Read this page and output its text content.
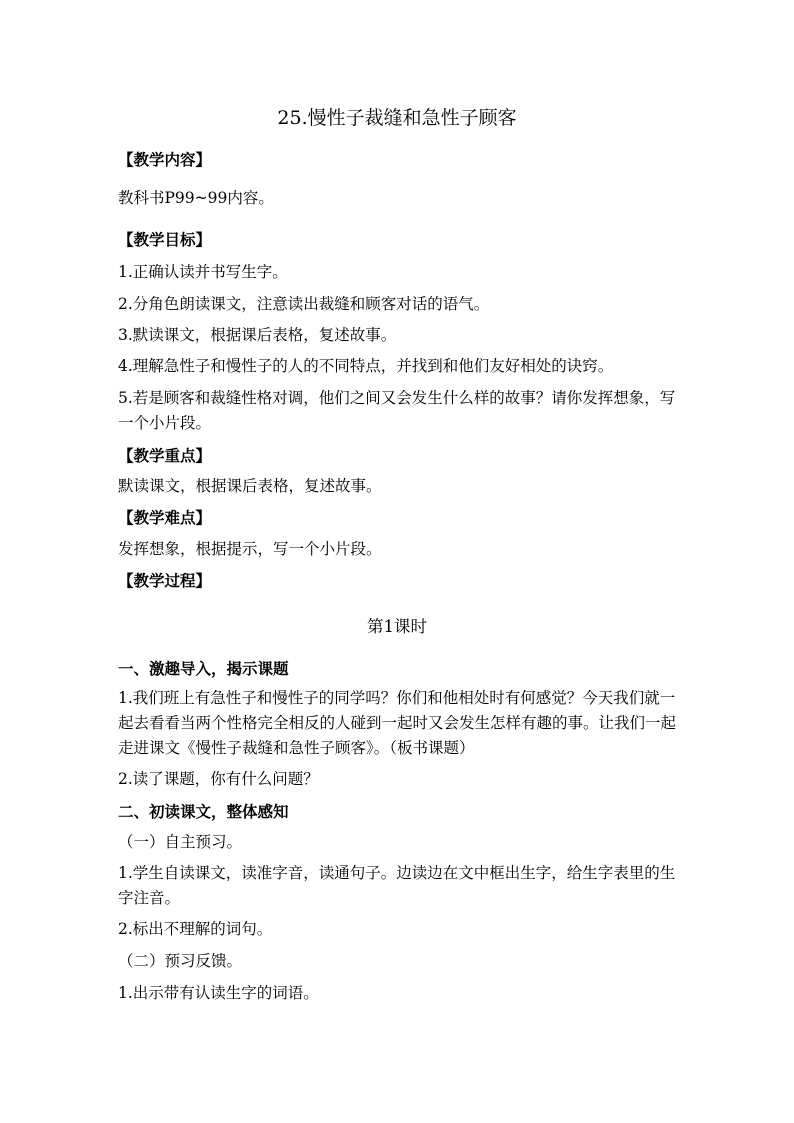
25.慢性子裁缝和急性子顾客
【教学内容】
教科书P99~99内容。
【教学目标】
1.正确认读并书写生字。
2.分角色朗读课文，注意读出裁缝和顾客对话的语气。
3.默读课文，根据课后表格，复述故事。
4.理解急性子和慢性子的人的不同特点，并找到和他们友好相处的诀窍。
5.若是顾客和裁缝性格对调，他们之间又会发生什么样的故事？请你发挥想象，写一个小片段。
【教学重点】
默读课文，根据课后表格，复述故事。
【教学难点】
发挥想象，根据提示，写一个小片段。
【教学过程】
第1课时
一、激趣导入，揭示课题
1.我们班上有急性子和慢性子的同学吗？你们和他相处时有何感觉？今天我们就一起去看看当两个性格完全相反的人碰到一起时又会发生怎样有趣的事。让我们一起走进课文《慢性子裁缝和急性子顾客》。（板书课题）
2.读了课题，你有什么问题？
二、初读课文，整体感知
（一）自主预习。
1.学生自读课文，读准字音，读通句子。边读边在文中框出生字，给生字表里的生字注音。
2.标出不理解的词句。
（二）预习反馈。
1.出示带有认读生字的词语。
